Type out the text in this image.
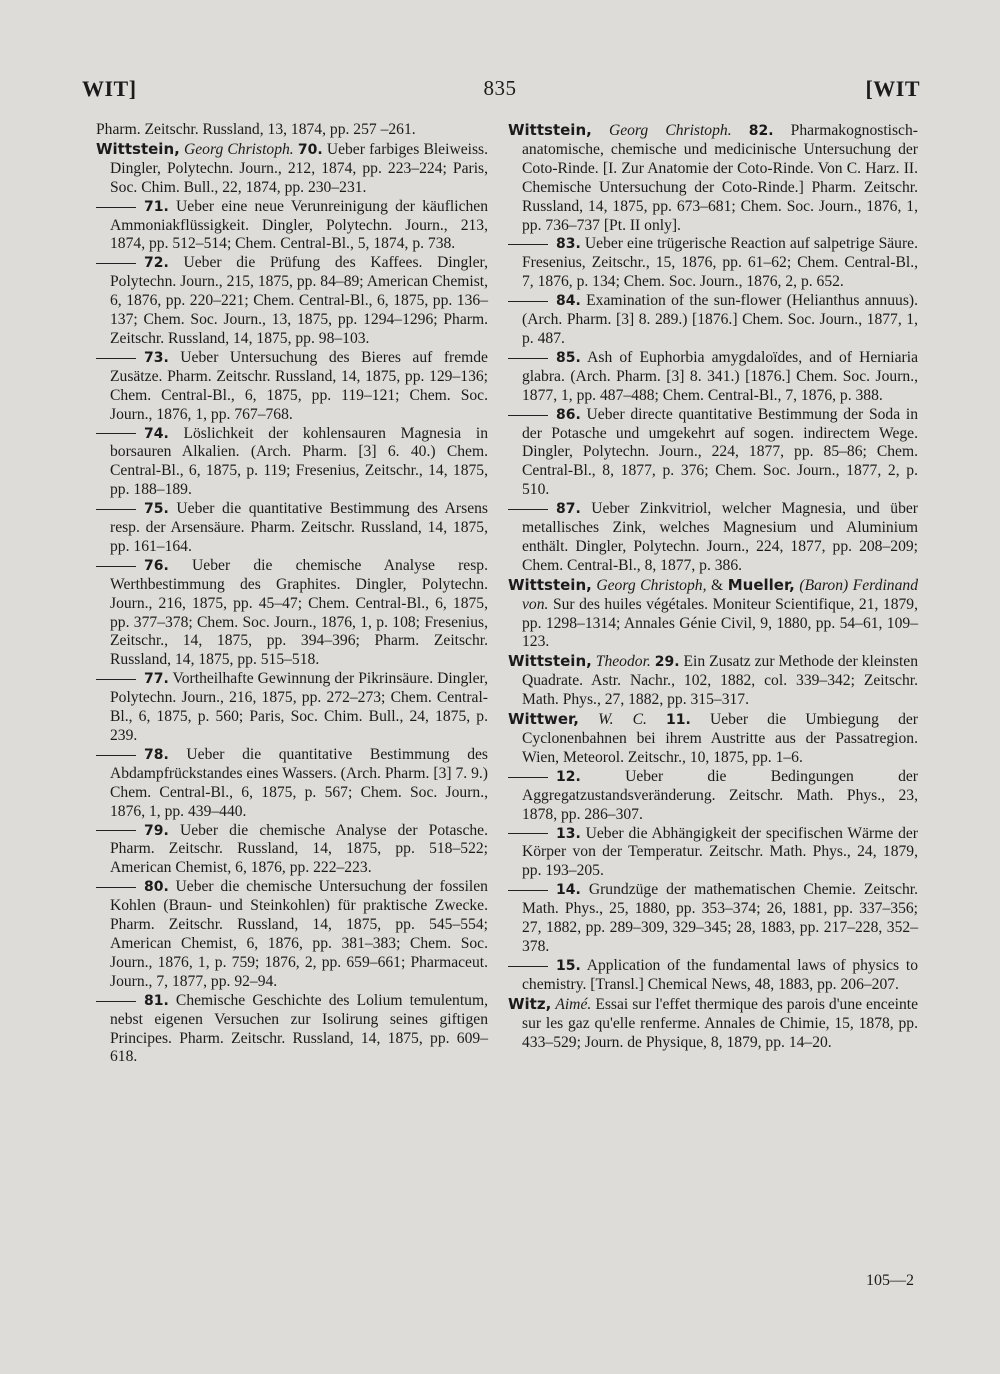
WIT]	835	[WIT
Pharm. Zeitschr. Russland, 13, 1874, pp. 257 –261.
Wittstein, Georg Christoph. 70. Ueber farbiges Bleiweiss. Dingler, Polytechn. Journ., 212, 1874, pp. 223–224; Paris, Soc. Chim. Bull., 22, 1874, pp. 230–231.
71. Ueber eine neue Verunreinigung der käuflichen Ammoniakflüssigkeit. Dingler, Polytechn. Journ., 213, 1874, pp. 512–514; Chem. Central-Bl., 5, 1874, p. 738.
72. Ueber die Prüfung des Kaffees. Dingler, Polytechn. Journ., 215, 1875, pp. 84–89; American Chemist, 6, 1876, pp. 220–221; Chem. Central-Bl., 6, 1875, pp. 136–137; Chem. Soc. Journ., 13, 1875, pp. 1294–1296; Pharm. Zeitschr. Russland, 14, 1875, pp. 98–103.
73. Ueber Untersuchung des Bieres auf fremde Zusätze. Pharm. Zeitschr. Russland, 14, 1875, pp. 129–136; Chem. Central-Bl., 6, 1875, pp. 119–121; Chem. Soc. Journ., 1876, 1, pp. 767–768.
74. Löslichkeit der kohlensauren Magnesia in borsauren Alkalien. (Arch. Pharm. [3] 6. 40.) Chem. Central-Bl., 6, 1875, p. 119; Fresenius, Zeitschr., 14, 1875, pp. 188–189.
75. Ueber die quantitative Bestimmung des Arsens resp. der Arsensäure. Pharm. Zeitschr. Russland, 14, 1875, pp. 161–164.
76. Ueber die chemische Analyse resp. Werthbestimmung des Graphites. Dingler, Polytechn. Journ., 216, 1875, pp. 45–47; Chem. Central-Bl., 6, 1875, pp. 377–378; Chem. Soc. Journ., 1876, 1, p. 108; Fresenius, Zeitschr., 14, 1875, pp. 394–396; Pharm. Zeitschr. Russland, 14, 1875, pp. 515–518.
77. Vortheilhafte Gewinnung der Pikrinsäure. Dingler, Polytechn. Journ., 216, 1875, pp. 272–273; Chem. Central-Bl., 6, 1875, p. 560; Paris, Soc. Chim. Bull., 24, 1875, p. 239.
78. Ueber die quantitative Bestimmung des Abdampfrückstandes eines Wassers. (Arch. Pharm. [3] 7. 9.) Chem. Central-Bl., 6, 1875, p. 567; Chem. Soc. Journ., 1876, 1, pp. 439–440.
79. Ueber die chemische Analyse der Potasche. Pharm. Zeitschr. Russland, 14, 1875, pp. 518–522; American Chemist, 6, 1876, pp. 222–223.
80. Ueber die chemische Untersuchung der fossilen Kohlen (Braun- und Steinkohlen) für praktische Zwecke. Pharm. Zeitschr. Russland, 14, 1875, pp. 545–554; American Chemist, 6, 1876, pp. 381–383; Chem. Soc. Journ., 1876, 1, p. 759; 1876, 2, pp. 659–661; Pharmaceut. Journ., 7, 1877, pp. 92–94.
81. Chemische Geschichte des Lolium temulentum, nebst eigenen Versuchen zur Isolirung seines giftigen Principes. Pharm. Zeitschr. Russland, 14, 1875, pp. 609–618.
Wittstein, Georg Christoph. 82. Pharmakognostisch-anatomische, chemische und medicinische Untersuchung der Coto-Rinde. [I. Zur Anatomie der Coto-Rinde. Von C. Harz. II. Chemische Untersuchung der Coto-Rinde.] Pharm. Zeitschr. Russland, 14, 1875, pp. 673–681; Chem. Soc. Journ., 1876, 1, pp. 736–737 [Pt. II only].
83. Ueber eine trügerische Reaction auf salpetrige Säure. Fresenius, Zeitschr., 15, 1876, pp. 61–62; Chem. Central-Bl., 7, 1876, p. 134; Chem. Soc. Journ., 1876, 2, p. 652.
84. Examination of the sun-flower (Helianthus annuus). (Arch. Pharm. [3] 8. 289.) [1876.] Chem. Soc. Journ., 1877, 1, p. 487.
85. Ash of Euphorbia amygdaloïdes, and of Herniaria glabra. (Arch. Pharm. [3] 8. 341.) [1876.] Chem. Soc. Journ., 1877, 1, pp. 487–488; Chem. Central-Bl., 7, 1876, p. 388.
86. Ueber directe quantitative Bestimmung der Soda in der Potasche und umgekehrt auf sogen. indirectem Wege. Dingler, Polytechn. Journ., 224, 1877, pp. 85–86; Chem. Central-Bl., 8, 1877, p. 376; Chem. Soc. Journ., 1877, 2, p. 510.
87. Ueber Zinkvitriol, welcher Magnesia, und über metallisches Zink, welches Magnesium und Aluminium enthält. Dingler, Polytechn. Journ., 224, 1877, pp. 208–209; Chem. Central-Bl., 8, 1877, p. 386.
Wittstein, Georg Christoph, & Mueller, (Baron) Ferdinand von. Sur des huiles végétales. Moniteur Scientifique, 21, 1879, pp. 1298–1314; Annales Génie Civil, 9, 1880, pp. 54–61, 109–123.
Wittstein, Theodor. 29. Ein Zusatz zur Methode der kleinsten Quadrate. Astr. Nachr., 102, 1882, col. 339–342; Zeitschr. Math. Phys., 27, 1882, pp. 315–317.
Wittwer, W. C. 11. Ueber die Umbiegung der Cyclonenbahnen bei ihrem Austritte aus der Passatregion. Wien, Meteorol. Zeitschr., 10, 1875, pp. 1–6.
12.	Ueber die Bedingungen der Aggregatzustandsveränderung. Zeitschr. Math. Phys., 23, 1878, pp. 286–307.
13. Ueber die Abhängigkeit der specifischen Wärme der Körper von der Temperatur. Zeitschr. Math. Phys., 24, 1879, pp. 193–205.
14. Grundzüge der mathematischen Chemie. Zeitschr. Math. Phys., 25, 1880, pp. 353–374; 26, 1881, pp. 337–356; 27, 1882, pp. 289–309, 329–345; 28, 1883, pp. 217–228, 352–378.
15. Application of the fundamental laws of physics to chemistry. [Transl.] Chemical News, 48, 1883, pp. 206–207.
Witz, Aimé. Essai sur l'effet thermique des parois d'une enceinte sur les gaz qu'elle renferme. Annales de Chimie, 15, 1878, pp. 433–529; Journ. de Physique, 8, 1879, pp. 14–20.
105—2
